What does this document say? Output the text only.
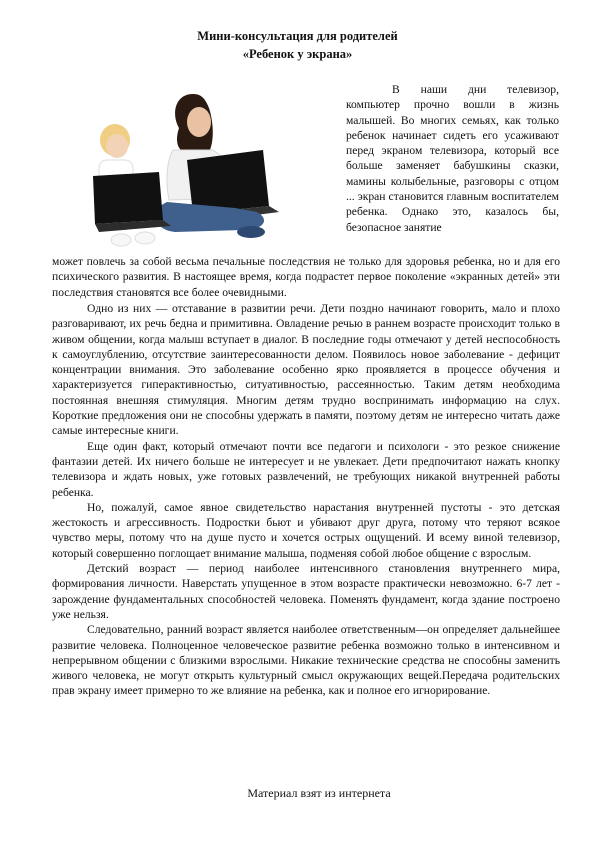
Мини-консультация для родителей
«Ребенок у экрана»
В наши дни телевизор, компьютер прочно вошли в жизнь малышей. Во многих семьях, как только ребенок начинает сидеть его усаживают перед экраном телевизора, который все больше заменяет бабушкины сказки, мамины колыбельные, разговоры с отцом ... экран становится главным воспитателем ребенка. Однако это, казалось бы, безопасное занятие
может повлечь за собой весьма печальные последствия не только для здоровья ребенка, но и для его психического развития. В настоящее время, когда подрастет первое поколение «экранных детей» эти последствия становятся все более очевидными.

Одно из них — отставание в развитии речи. Дети поздно начинают говорить, мало и плохо разговаривают, их речь бедна и примитивна. Овладение речью в раннем возрасте происходит только в живом общении, когда малыш вступает в диалог. В последние годы отмечают у детей неспособность к самоуглублению, отсутствие заинтересованности делом. Появилось новое заболевание - дефицит концентрации внимания. Это заболевание особенно ярко проявляется в процессе обучения и характеризуется гиперактивностью, ситуативностью, рассеянностью. Таким детям необходима постоянная внешняя стимуляция. Многим детям трудно воспринимать информацию на слух. Короткие предложения они не способны удержать в памяти, поэтому детям не интересно читать даже самые интересные книги.

Еще один факт, который отмечают почти все педагоги и психологи - это резкое снижение фантазии детей. Их ничего больше не интересует и не увлекает. Дети предпочитают нажать кнопку телевизора и ждать новых, уже готовых развлечений, не требующих никакой внутренней работы ребенка.

Но, пожалуй, самое явное свидетельство нарастания внутренней пустоты - это детская жестокость и агрессивность. Подростки бьют и убивают друг друга, потому что теряют всякое чувство меры, потому что на душе пусто и хочется острых ощущений. И всему виной телевизор, который совершенно поглощает внимание малыша, подменяя собой любое общение с взрослым.

Детский возраст — период наиболее интенсивного становления внутреннего мира, формирования личности. Наверстать упущенное в этом возрасте практически невозможно. 6-7 лет - зарождение фундаментальных способностей человека. Поменять фундамент, когда здание построено уже нельзя.

Следовательно, ранний возраст является наиболее ответственным—он определяет дальнейшее развитие человека. Полноценное человеческое развитие ребенка возможно только в интенсивном и непрерывном общении с близкими взрослыми. Никакие технические средства не способны заменить живого человека, не могут открыть культурный смысл окружающих вещей.Передача родительских прав экрану имеет примерно то же влияние на ребенка, как и полное его игнорирование.

Материал взят из интернета
